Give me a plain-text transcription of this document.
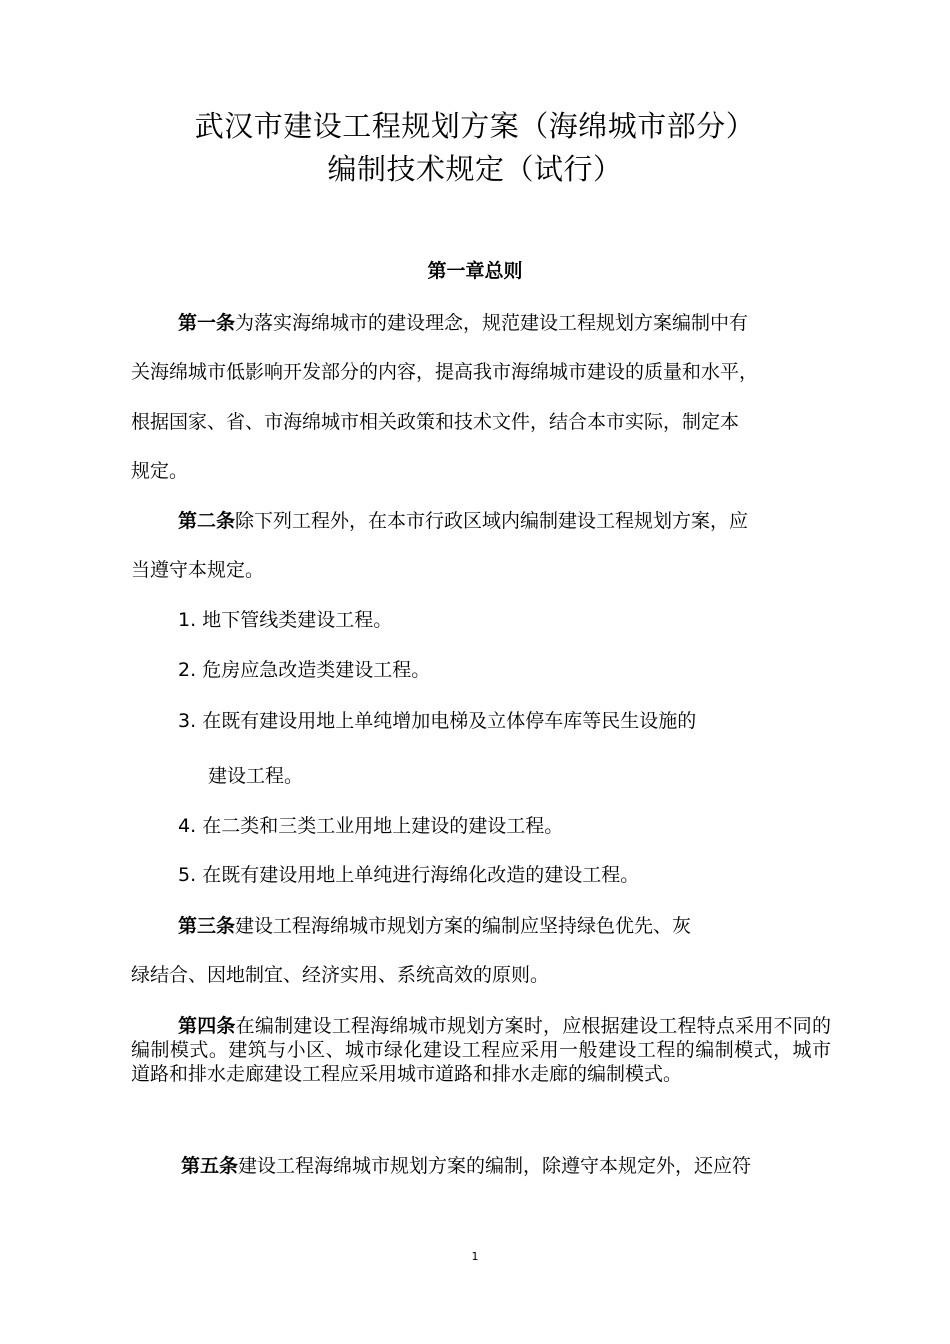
武汉市建设工程规划方案（海绵城市部分）
编制技术规定（试行）
第一章总则
第一条为落实海绵城市的建设理念，规范建设工程规划方案编制中有
关海绵城市低影响开发部分的内容，提高我市海绵城市建设的质量和水平，
根据国家、省、市海绵城市相关政策和技术文件，结合本市实际，制定本
规定。
第二条除下列工程外，在本市行政区域内编制建设工程规划方案，应
当遵守本规定。
1. 地下管线类建设工程。
2. 危房应急改造类建设工程。
3. 在既有建设用地上单纯增加电梯及立体停车库等民生设施的
建设工程。
4. 在二类和三类工业用地上建设的建设工程。
5. 在既有建设用地上单纯进行海绵化改造的建设工程。
第三条建设工程海绵城市规划方案的编制应坚持绿色优先、灰
绿结合、因地制宜、经济实用、系统高效的原则。
第四条在编制建设工程海绵城市规划方案时，应根据建设工程特点采用不同的编制模式。建筑与小区、城市绿化建设工程应采用一般建设工程的编制模式，城市道路和排水走廊建设工程应采用城市道路和排水走廊的编制模式。
第五条建设工程海绵城市规划方案的编制，除遵守本规定外，还应符
1
